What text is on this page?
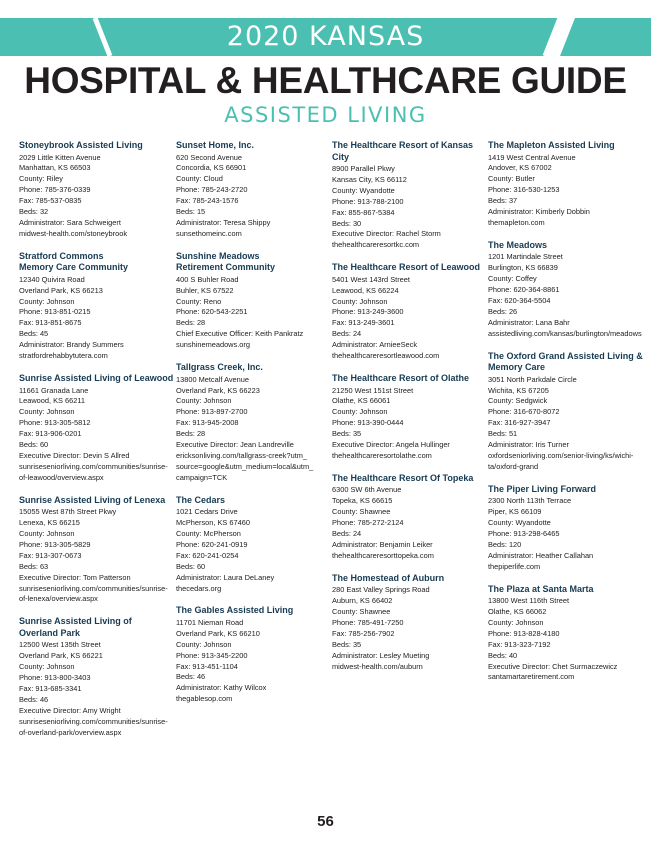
2020 KANSAS
HOSPITAL & HEALTHCARE GUIDE
ASSISTED LIVING
Stoneybrook Assisted Living
2029 Little Kitten Avenue
Manhattan, KS 66503
County: Riley
Phone: 785-376-0339
Fax: 785-537-0835
Beds: 32
Administrator: Sara Schweigert
midwest-health.com/stoneybrook
Stratford Commons
Memory Care Community
12340 Quivira Road
Overland Park, KS 66213
County: Johnson
Phone: 913-851-0215
Fax: 913-851-8675
Beds: 45
Administrator: Brandy Summers
stratfordrehabbytutera.com
Sunrise Assisted Living of Leawood
11661 Granada Lane
Leawood, KS 66211
County: Johnson
Phone: 913-305-5812
Fax: 913-906-0201
Beds: 60
Executive Director: Devin S Allred
sunriseseniorliving.com/communities/sunrise-
of-leawood/overview.aspx
Sunrise Assisted Living of Lenexa
15055 West 87th Street Pkwy
Lenexa, KS 66215
County: Johnson
Phone: 913-305-5829
Fax: 913-307-0673
Beds: 63
Executive Director: Tom Patterson
sunriseseniorliving.com/communities/sunrise-
of-lenexa/overview.aspx
Sunrise Assisted Living of
Overland Park
12500 West 135th Street
Overland Park, KS 66221
County: Johnson
Phone: 913-800-3403
Fax: 913-685-3341
Beds: 46
Executive Director: Amy Wright
sunriseseniorliving.com/communities/sunrise-
of-overland-park/overview.aspx
Sunset Home, Inc.
620 Second Avenue
Concordia, KS 66901
County: Cloud
Phone: 785-243-2720
Fax: 785-243-1576
Beds: 15
Administrator: Teresa Shippy
sunsethomeinc.com
Sunshine Meadows
Retirement Community
400 S Buhler Road
Buhler, KS 67522
County: Reno
Phone: 620-543-2251
Beds: 28
Chief Executive Officer: Keith Pankratz
sunshinemeadows.org
Tallgrass Creek, Inc.
13800 Metcalf Avenue
Overland Park, KS 66223
County: Johnson
Phone: 913-897-2700
Fax: 913-945-2008
Beds: 28
Executive Director: Jean Landreville
ericksonliving.com/tallgrass-creek?utm_
source=google&utm_medium=local&utm_
campaign=TCK
The Cedars
1021 Cedars Drive
McPherson, KS 67460
County: McPherson
Phone: 620-241-0919
Fax: 620-241-0254
Beds: 60
Administrator: Laura DeLaney
thecedars.org
The Gables Assisted Living
11701 Nieman Road
Overland Park, KS 66210
County: Johnson
Phone: 913-345-2200
Fax: 913-451-1104
Beds: 46
Administrator: Kathy Wilcox
thegablesop.com
The Healthcare Resort of Kansas City
8900 Parallel Pkwy
Kansas City, KS 66112
County: Wyandotte
Phone: 913-788-2100
Fax: 855-867-5384
Beds: 30
Executive Director: Rachel Storm
thehealthcareresortkc.com
The Healthcare Resort of Leawood
5401 West 143rd Street
Leawood, KS 66224
County: Johnson
Phone: 913-249-3600
Fax: 913-249-3601
Beds: 24
Administrator: ArnieeSeck
thehealthcareresortleawood.com
The Healthcare Resort of Olathe
21250 West 151st Street
Olathe, KS 66061
County: Johnson
Phone: 913-390-0444
Beds: 35
Executive Director: Angela Hullinger
thehealthcareresortolathe.com
The Healthcare Resort Of Topeka
6300 SW 6th Avenue
Topeka, KS 66615
County: Shawnee
Phone: 785-272-2124
Beds: 24
Administrator: Benjamin Leiker
thehealthcareresorttopeka.com
The Homestead of Auburn
280 East Valley Springs Road
Auburn, KS 66402
County: Shawnee
Phone: 785-491-7250
Fax: 785-256-7902
Beds: 35
Administrator: Lesley Mueting
midwest-health.com/auburn
The Mapleton Assisted Living
1419 West Central Avenue
Andover, KS 67002
County: Butler
Phone: 316-530-1253
Beds: 37
Administrator: Kimberly Dobbin
themapleton.com
The Meadows
1201 Martindale Street
Burlington, KS 66839
County: Coffey
Phone: 620-364-8861
Fax: 620-364-5504
Beds: 26
Administrator: Lana Bahr
assistedliving.com/kansas/burlington/meadows
The Oxford Grand Assisted Living &
Memory Care
3051 North Parkdale Circle
Wichita, KS 67205
County: Sedgwick
Phone: 316-670-8072
Fax: 316-927-3947
Beds: 51
Administrator: Iris Turner
oxfordseniorliving.com/senior-living/ks/wichi-
ta/oxford-grand
The Piper Living Forward
2300 North 113th Terrace
Piper, KS 66109
County: Wyandotte
Phone: 913-298-6465
Beds: 120
Administrator: Heather Callahan
thepiperlife.com
The Plaza at Santa Marta
13800 West 116th Street
Olathe, KS 66062
County: Johnson
Phone: 913-828-4180
Fax: 913-323-7192
Beds: 40
Executive Director: Chet Surmaczewicz
santamartaretirement.com
56
